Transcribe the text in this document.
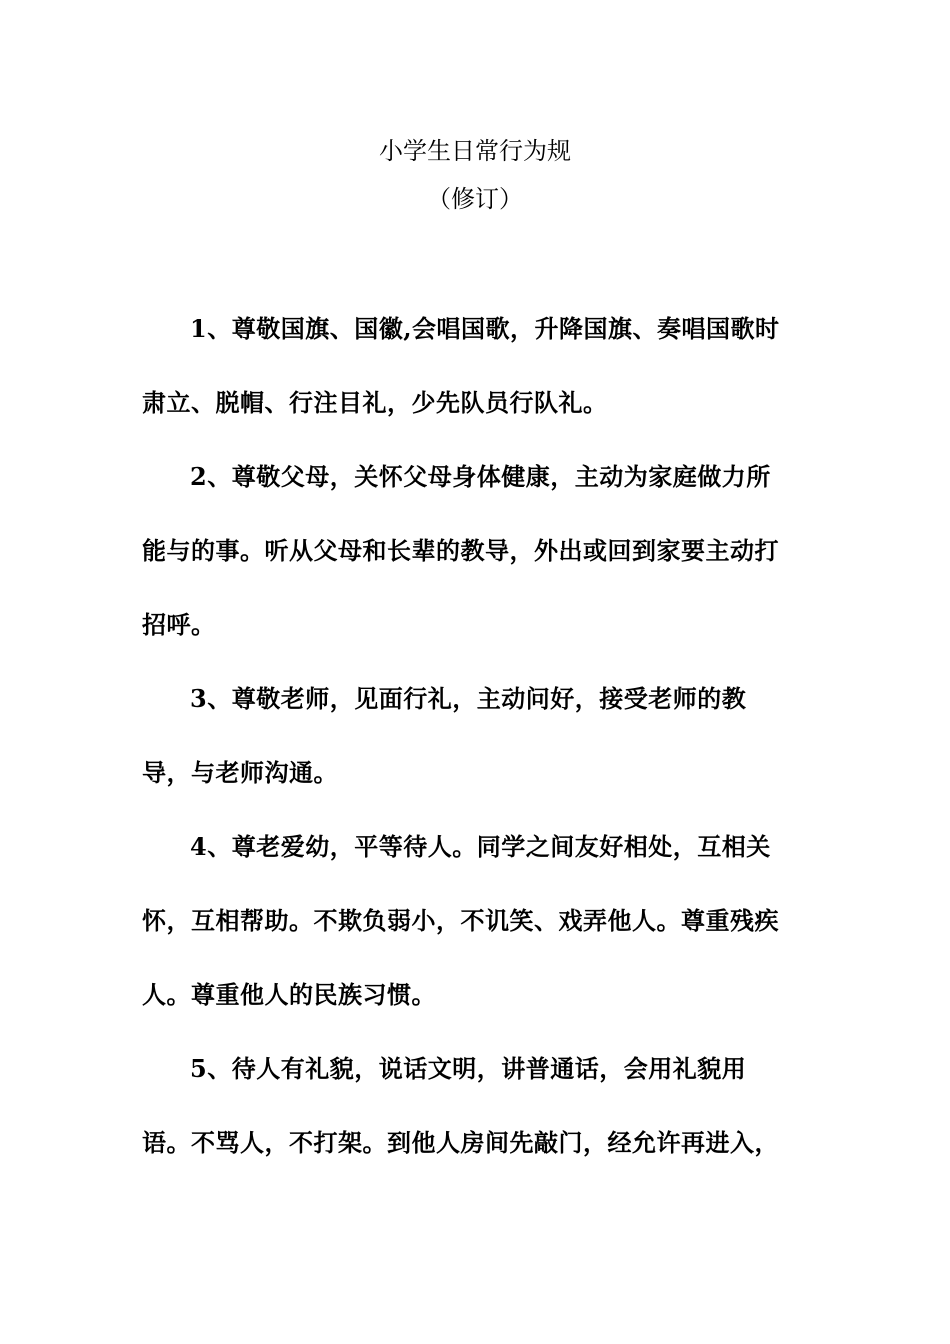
小学生日常行为规
（修订）

1、尊敬国旗、国徽,会唱国歌，升降国旗、奏唱国歌时
肃立、脱帽、行注目礼，少先队员行队礼。

2、尊敬父母，关怀父母身体健康，主动为家庭做力所
能与的事。听从父母和长辈的教导，外出或回到家要主动打
招呼。

3、尊敬老师，见面行礼，主动问好，接受老师的教
导，与老师沟通。

4、尊老爱幼，平等待人。同学之间友好相处，互相关
怀，互相帮助。不欺负弱小，不讥笑、戏弄他人。尊重残疾
人。尊重他人的民族习惯。

5、待人有礼貌，说话文明，讲普通话，会用礼貌用
语。不骂人，不打架。到他人房间先敲门，经允许再进入，
